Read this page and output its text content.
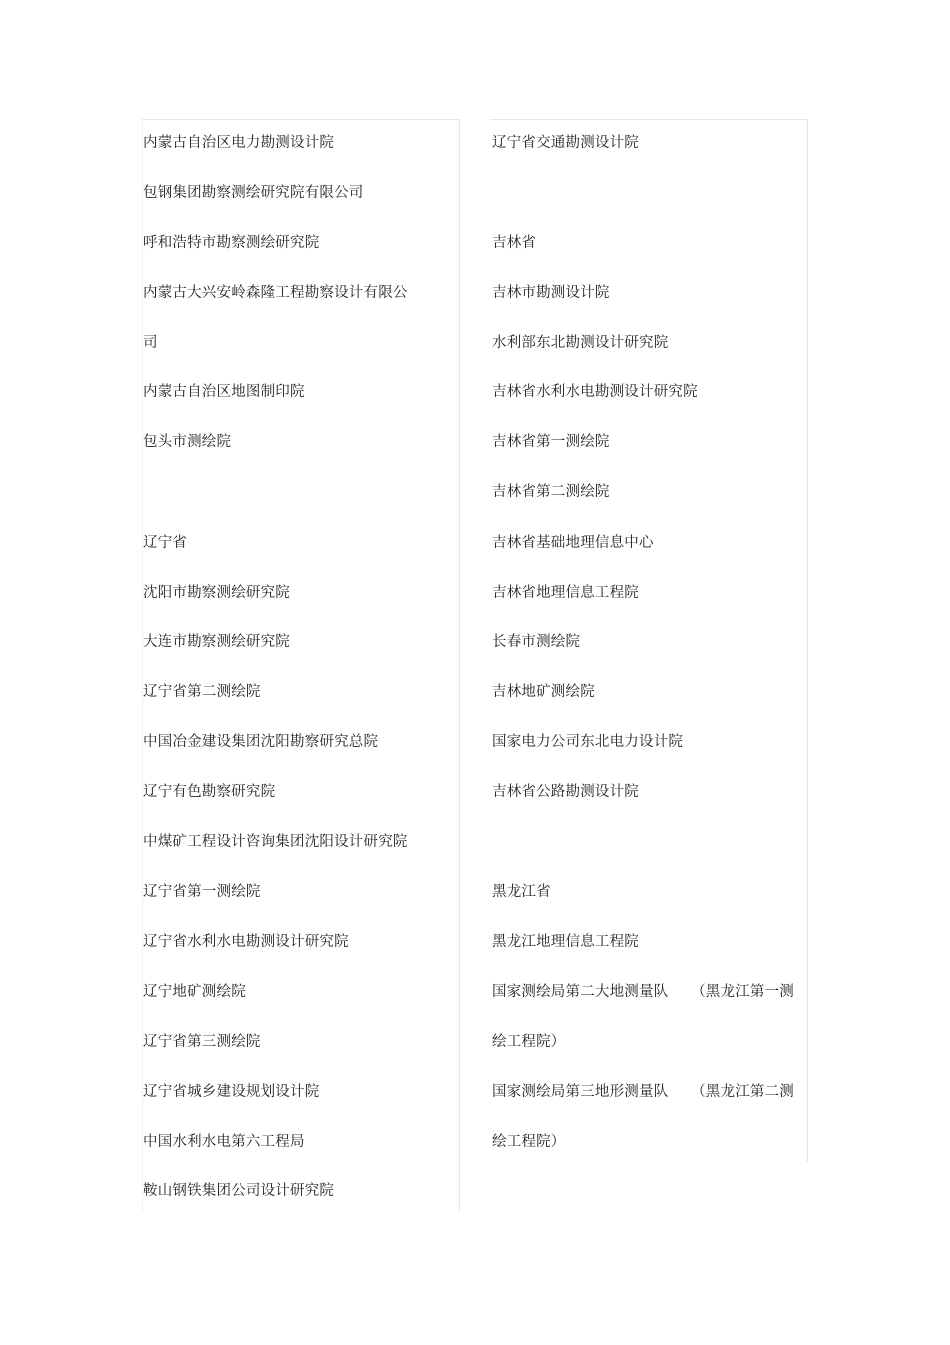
内蒙古自治区电力勘测设计院
包钢集团勘察测绘研究院有限公司
呼和浩特市勘察测绘研究院
内蒙古大兴安岭森隆工程勘察设计有限公
司
内蒙古自治区地图制印院
包头市测绘院
辽宁省
沈阳市勘察测绘研究院
大连市勘察测绘研究院
辽宁省第二测绘院
中国冶金建设集团沈阳勘察研究总院
辽宁有色勘察研究院
中煤矿工程设计咨询集团沈阳设计研究院
辽宁省第一测绘院
辽宁省水利水电勘测设计研究院
辽宁地矿测绘院
辽宁省第三测绘院
辽宁省城乡建设规划设计院
中国水利水电第六工程局
鞍山钢铁集团公司设计研究院
辽宁省交通勘测设计院
吉林省
吉林市勘测设计院
水利部东北勘测设计研究院
吉林省水利水电勘测设计研究院
吉林省第一测绘院
吉林省第二测绘院
吉林省基础地理信息中心
吉林省地理信息工程院
长春市测绘院
吉林地矿测绘院
国家电力公司东北电力设计院
吉林省公路勘测设计院
黑龙江省
黑龙江地理信息工程院
国家测绘局第二大地测量队 （黑龙江第一测
绘工程院）
国家测绘局第三地形测量队 （黑龙江第二测
绘工程院）
